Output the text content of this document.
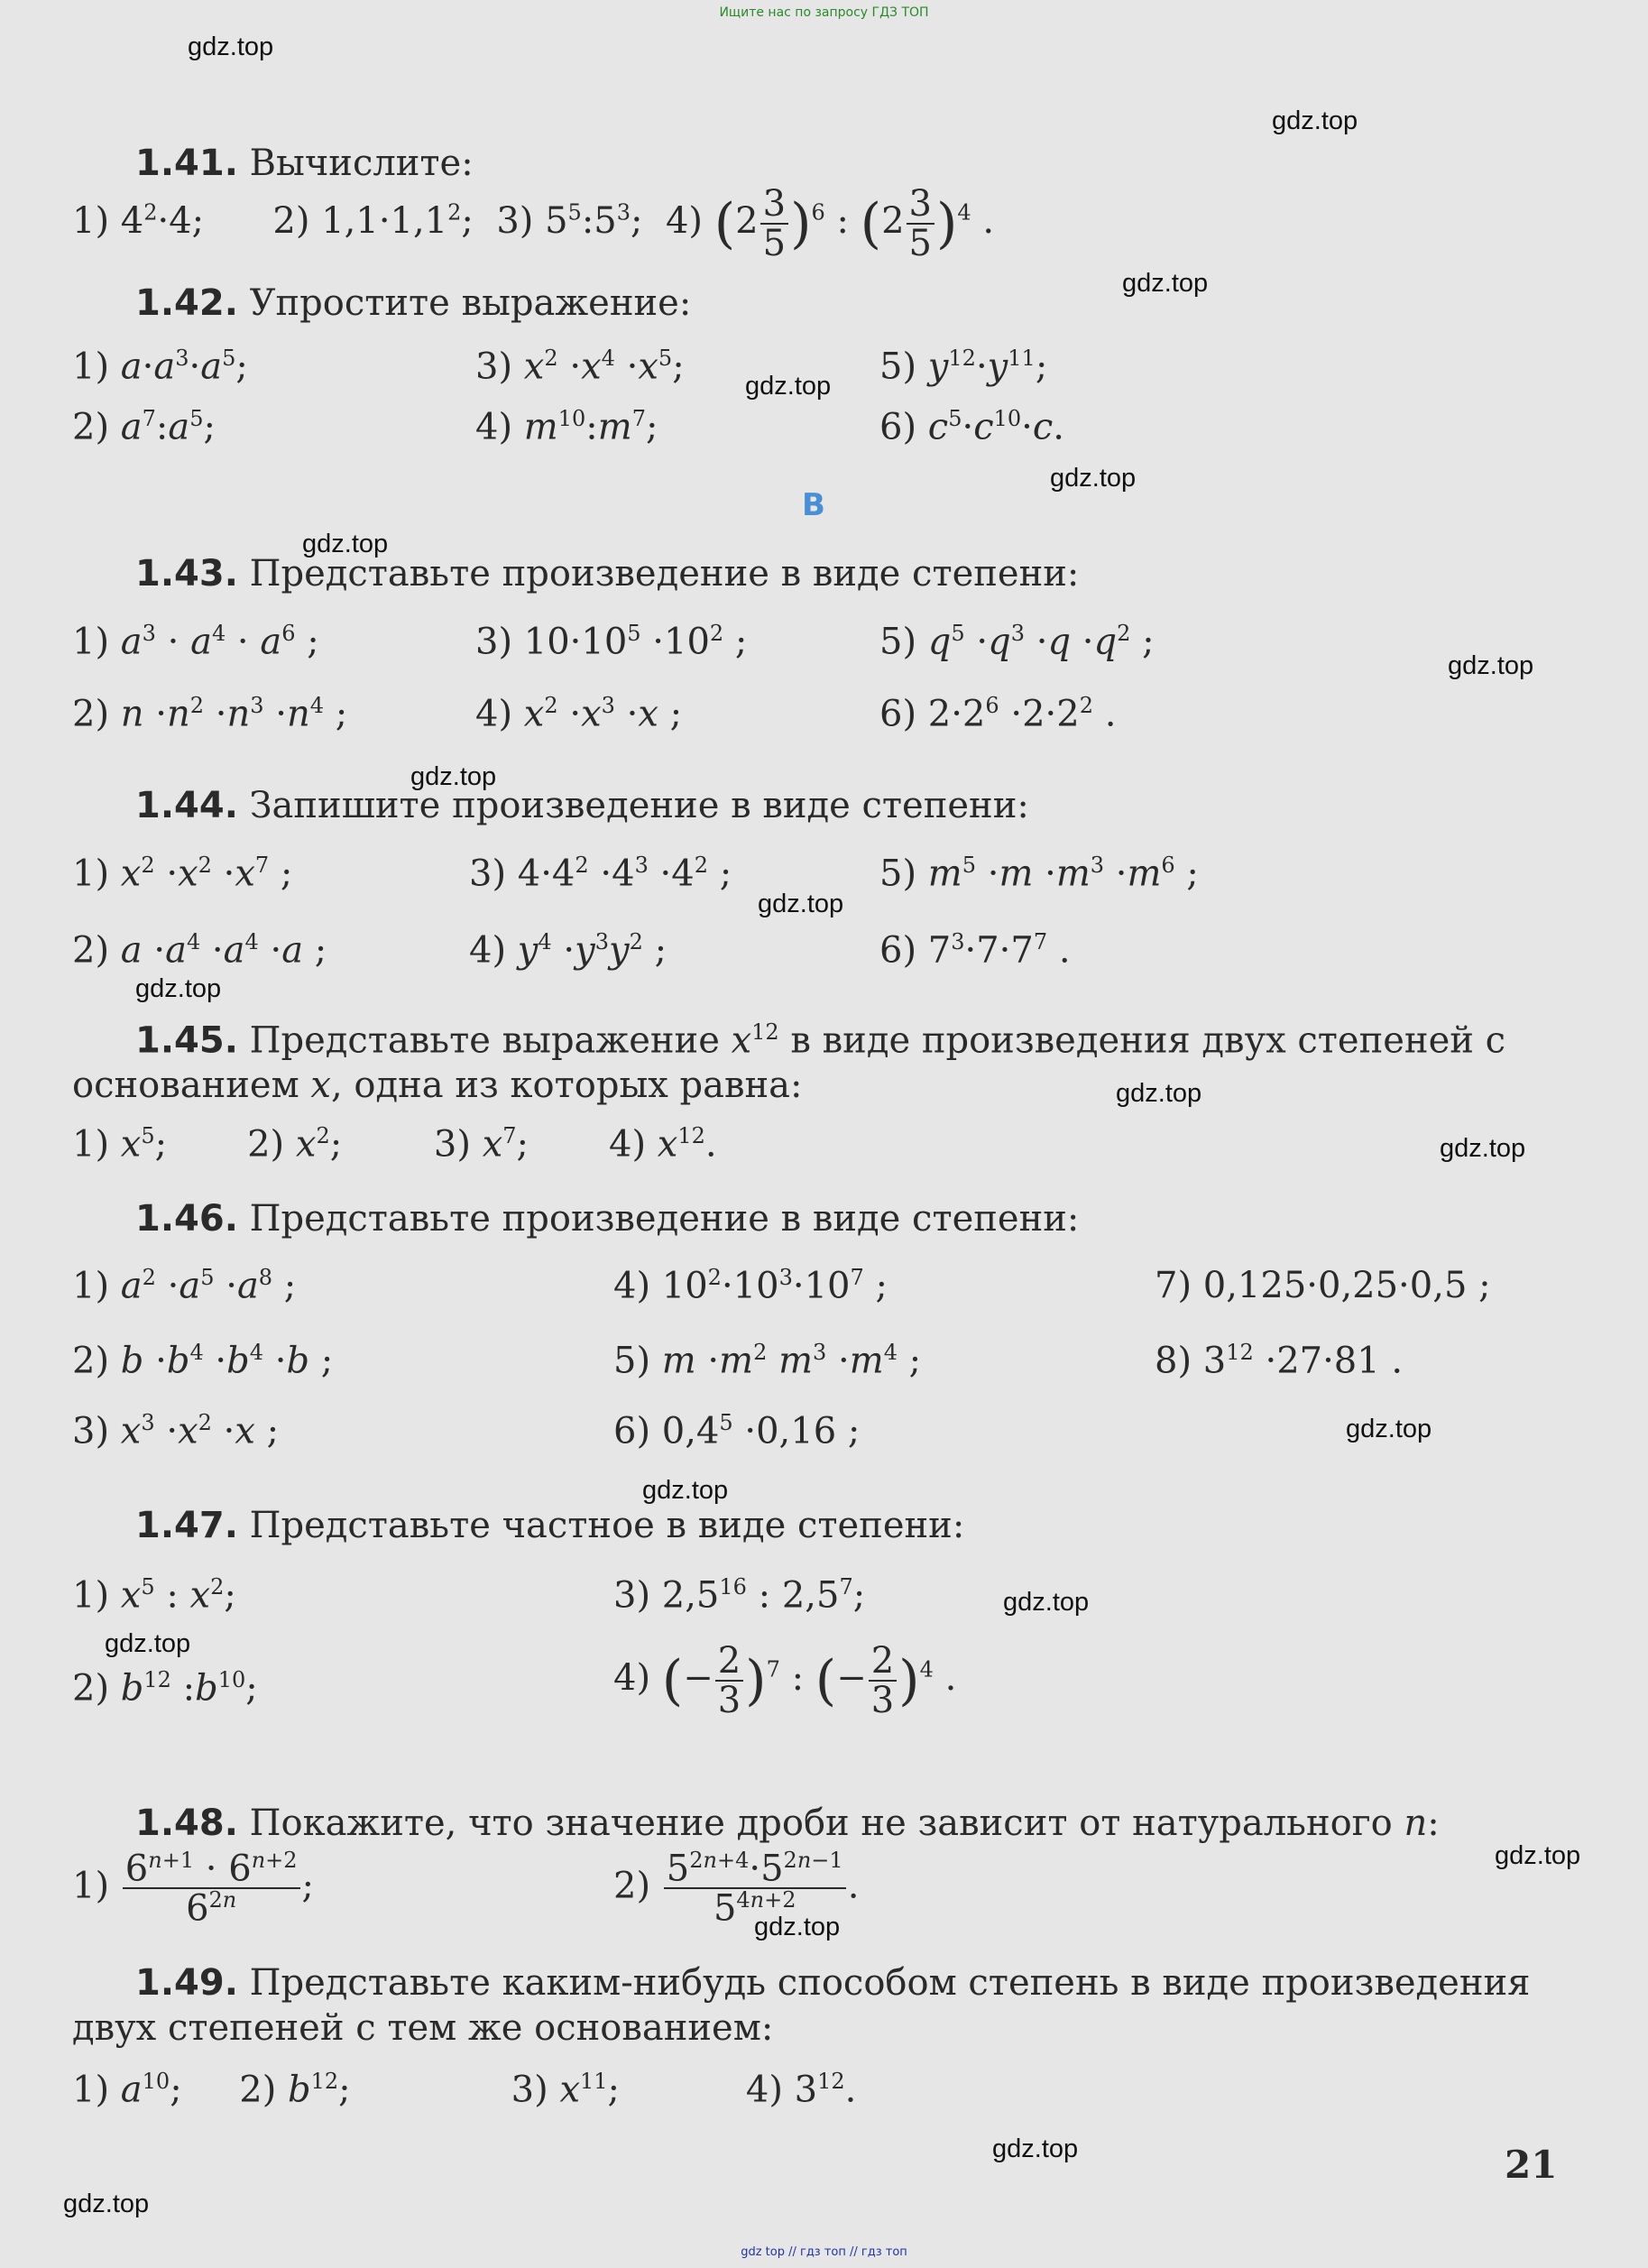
Ищите нас по запросу ГДЗ ТОП
gdz top // гдз топ // гдз топ
gdz.top
gdz.top
gdz.top
gdz.top
gdz.top
gdz.top
gdz.top
gdz.top
gdz.top
gdz.top
gdz.top
gdz.top
gdz.top
gdz.top
gdz.top
gdz.top
gdz.top
gdz.top
gdz.top
gdz.top
1.41. Вычислите:
1) $4^2\cdot 4$;      2) $1,1\cdot 1,1^2$;  3) $5^5:5^3$;  4) $(2 \frac{3}{5} )^6$ : $(2 \frac{3}{5} )^4$ .
1.42. Упростите выражение:
1) $a\cdot a^3\cdot a^5$;	3) $x^2 \cdot x^4 \cdot x^5$;	5) $y^{12}\cdot y^{11}$;
2) $a^7:a^5$;	4) $m^{10}:m^7$;	6) $c^5\cdot c^{10}\cdot c$.
B
1.43. Представьте произведение в виде степени:
1) $a^3 \cdot a^4 \cdot a^6$ ;	3) $10\cdot 10^5 \cdot 10^2$ ;	5) $q^5 \cdot q^3 \cdot q \cdot q^2$ ;
2) $n \cdot n^2 \cdot n^3 \cdot n^4$ ;	4) $x^2 \cdot x^3 \cdot x$ ;	6) $2\cdot 2^6 \cdot 2\cdot 2^2$ .
1.44. Запишите произведение в виде степени:
1) $x^2 \cdot x^2 \cdot x^7$ ;	3) $4\cdot 4^2 \cdot 4^3 \cdot 4^2$ ;	5) $m^5 \cdot m \cdot m^3 \cdot m^6$ ;
2) $a \cdot a^4 \cdot a^4 \cdot a$ ;	4) $y^4 \cdot y^3y^2$ ;	6) $7^3\cdot 7\cdot 7^7$ .
1.45. Представьте выражение $x^{12}$ в виде произведения двух степеней с
основанием x, одна из которых равна:
1) $x^5$;       2) $x^2$;        3) $x^7$;       4) $x^{12}$.
1.46. Представьте произведение в виде степени:
1) $a^2 \cdot a^5 \cdot a^8$ ;	4) $10^2\cdot 10^3\cdot 10^7$ ;	7) 0,125·0,25·0,5 ;
2) $b \cdot b^4 \cdot b^4 \cdot b$ ;	5) $m \cdot m^2$ $m^3 \cdot m^4$ ;	8) $3^{12} \cdot 27\cdot 81$ .
3) $x^3 \cdot x^2 \cdot x$ ;	6) $0,4^5 \cdot 0,16$ ;
1.47. Представьте частное в виде степени:
1) $x^5$ : $x^2$;	3) $2,5^{16}$ : $2,5^7$;
2) $b^{12}$ $:b^{10}$;	4) (− $\frac{2}{3} )^7$ : (− $\frac{2}{3} )^4$ .
1.48. Покажите, что значение дроби не зависит от натурального n:
$1) \frac{6^{n+1} \cdot 6^{n+2}}{6^{2n}}$ ;	$2) \frac{5^{2n+4}\cdot 5^{2n-1}}{5^{4n+2}}$ .
1.49. Представьте каким-нибудь способом степень в виде произведения
двух степеней с тем же основанием:
1) $a^{10}$;     2) $b^{12}$;              3) $x^{11}$;           4) $3^{12}$.
21
